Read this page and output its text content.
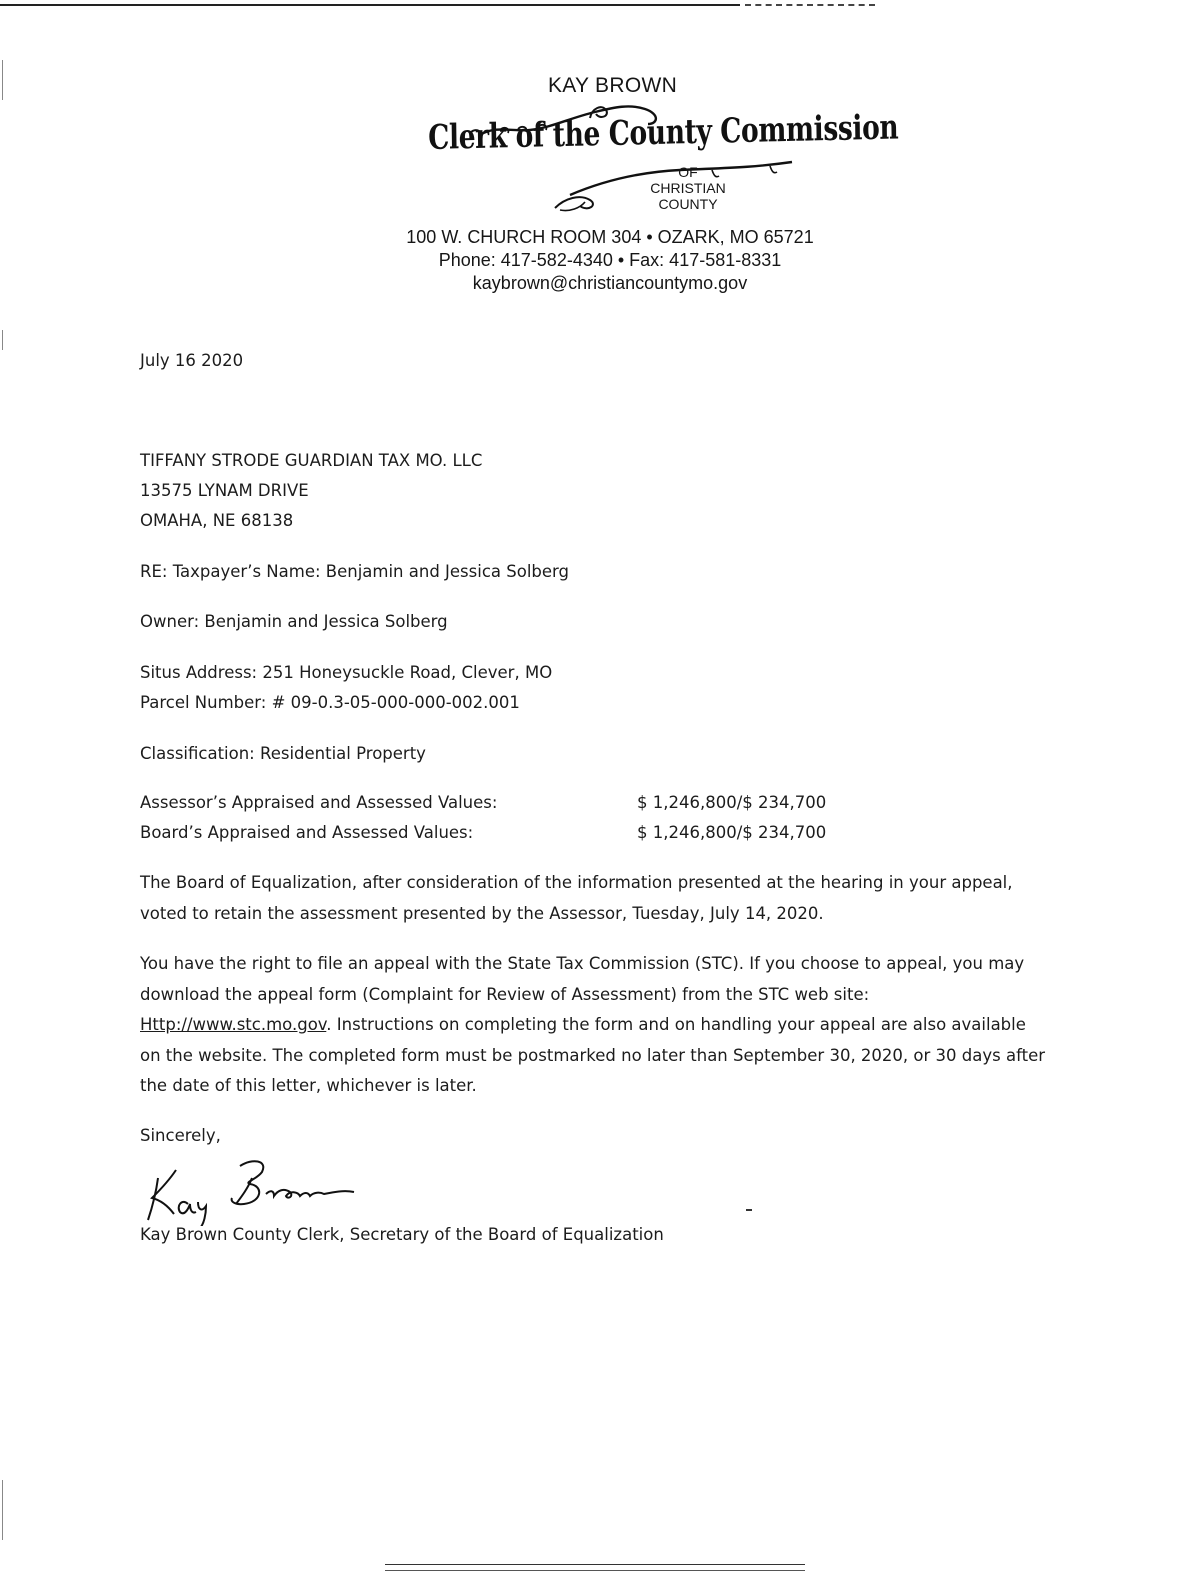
KAY BROWN
Clerk of the County Commission
OF
CHRISTIAN
COUNTY
100 W. CHURCH ROOM 304 • OZARK, MO 65721
Phone: 417-582-4340 • Fax: 417-581-8331
kaybrown@christiancountymo.gov
July 16 2020
TIFFANY STRODE GUARDIAN TAX MO. LLC
13575 LYNAM DRIVE
OMAHA, NE 68138
RE: Taxpayer’s Name: Benjamin and Jessica Solberg
Owner: Benjamin and Jessica Solberg
Situs Address: 251 Honeysuckle Road, Clever, MO
Parcel Number: # 09-0.3-05-000-000-002.001
Classification: Residential Property
Assessor’s Appraised and Assessed Values:	$ 1,246,800/$ 234,700
Board’s Appraised and Assessed Values:	$ 1,246,800/$ 234,700
The Board of Equalization, after consideration of the information presented at the hearing in your appeal, voted to retain the assessment presented by the Assessor, Tuesday, July 14, 2020.
You have the right to file an appeal with the State Tax Commission (STC). If you choose to appeal, you may download the appeal form (Complaint for Review of Assessment) from the STC web site: Http://www.stc.mo.gov. Instructions on completing the form and on handling your appeal are also available on the website. The completed form must be postmarked no later than September 30, 2020, or 30 days after the date of this letter, whichever is later.
Sincerely,
Kay Brown County Clerk, Secretary of the Board of Equalization
